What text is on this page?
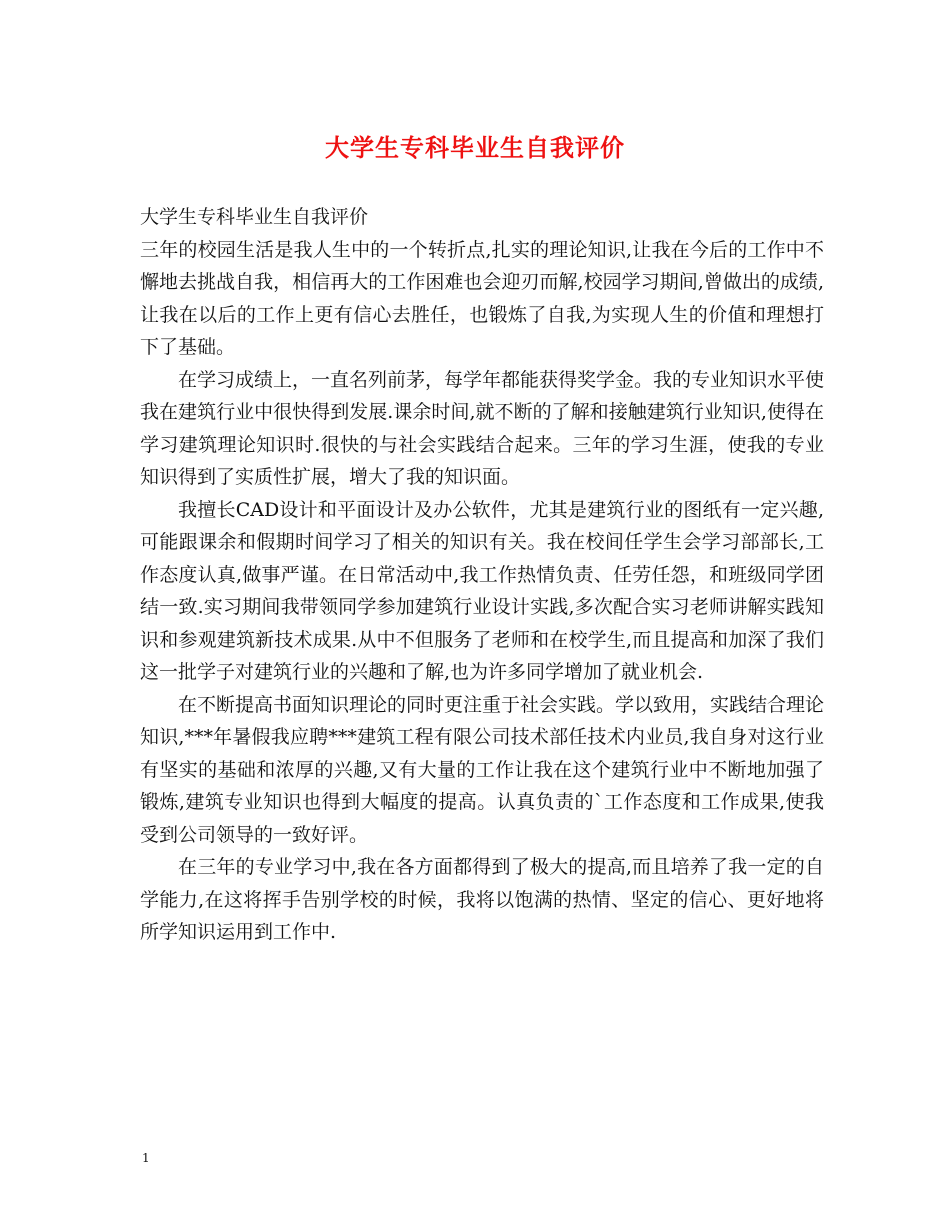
大学生专科毕业生自我评价

大学生专科毕业生自我评价

三年的校园生活是我人生中的一个转折点,扎实的理论知识,让我在今后的工作中不懈地去挑战自我，相信再大的工作困难也会迎刃而解,校园学习期间,曾做出的成绩,让我在以后的工作上更有信心去胜任，也锻炼了自我,为实现人生的价值和理想打下了基础。

在学习成绩上，一直名列前茅，每学年都能获得奖学金。我的专业知识水平使我在建筑行业中很快得到发展.课余时间,就不断的了解和接触建筑行业知识,使得在学习建筑理论知识时.很快的与社会实践结合起来。三年的学习生涯，使我的专业知识得到了实质性扩展，增大了我的知识面。

我擅长CAD设计和平面设计及办公软件，尤其是建筑行业的图纸有一定兴趣,可能跟课余和假期时间学习了相关的知识有关。我在校间任学生会学习部部长,工作态度认真,做事严谨。在日常活动中,我工作热情负责、任劳任怨，和班级同学团结一致.实习期间我带领同学参加建筑行业设计实践,多次配合实习老师讲解实践知识和参观建筑新技术成果.从中不但服务了老师和在校学生,而且提高和加深了我们这一批学子对建筑行业的兴趣和了解,也为许多同学增加了就业机会.

在不断提高书面知识理论的同时更注重于社会实践。学以致用，实践结合理论知识,***年暑假我应聘***建筑工程有限公司技术部任技术内业员,我自身对这行业有坚实的基础和浓厚的兴趣,又有大量的工作让我在这个建筑行业中不断地加强了锻炼,建筑专业知识也得到大幅度的提高。认真负责的`工作态度和工作成果,使我受到公司领导的一致好评。

在三年的专业学习中,我在各方面都得到了极大的提高,而且培养了我一定的自学能力,在这将挥手告别学校的时候，我将以饱满的热情、坚定的信心、更好地将所学知识运用到工作中.

1
